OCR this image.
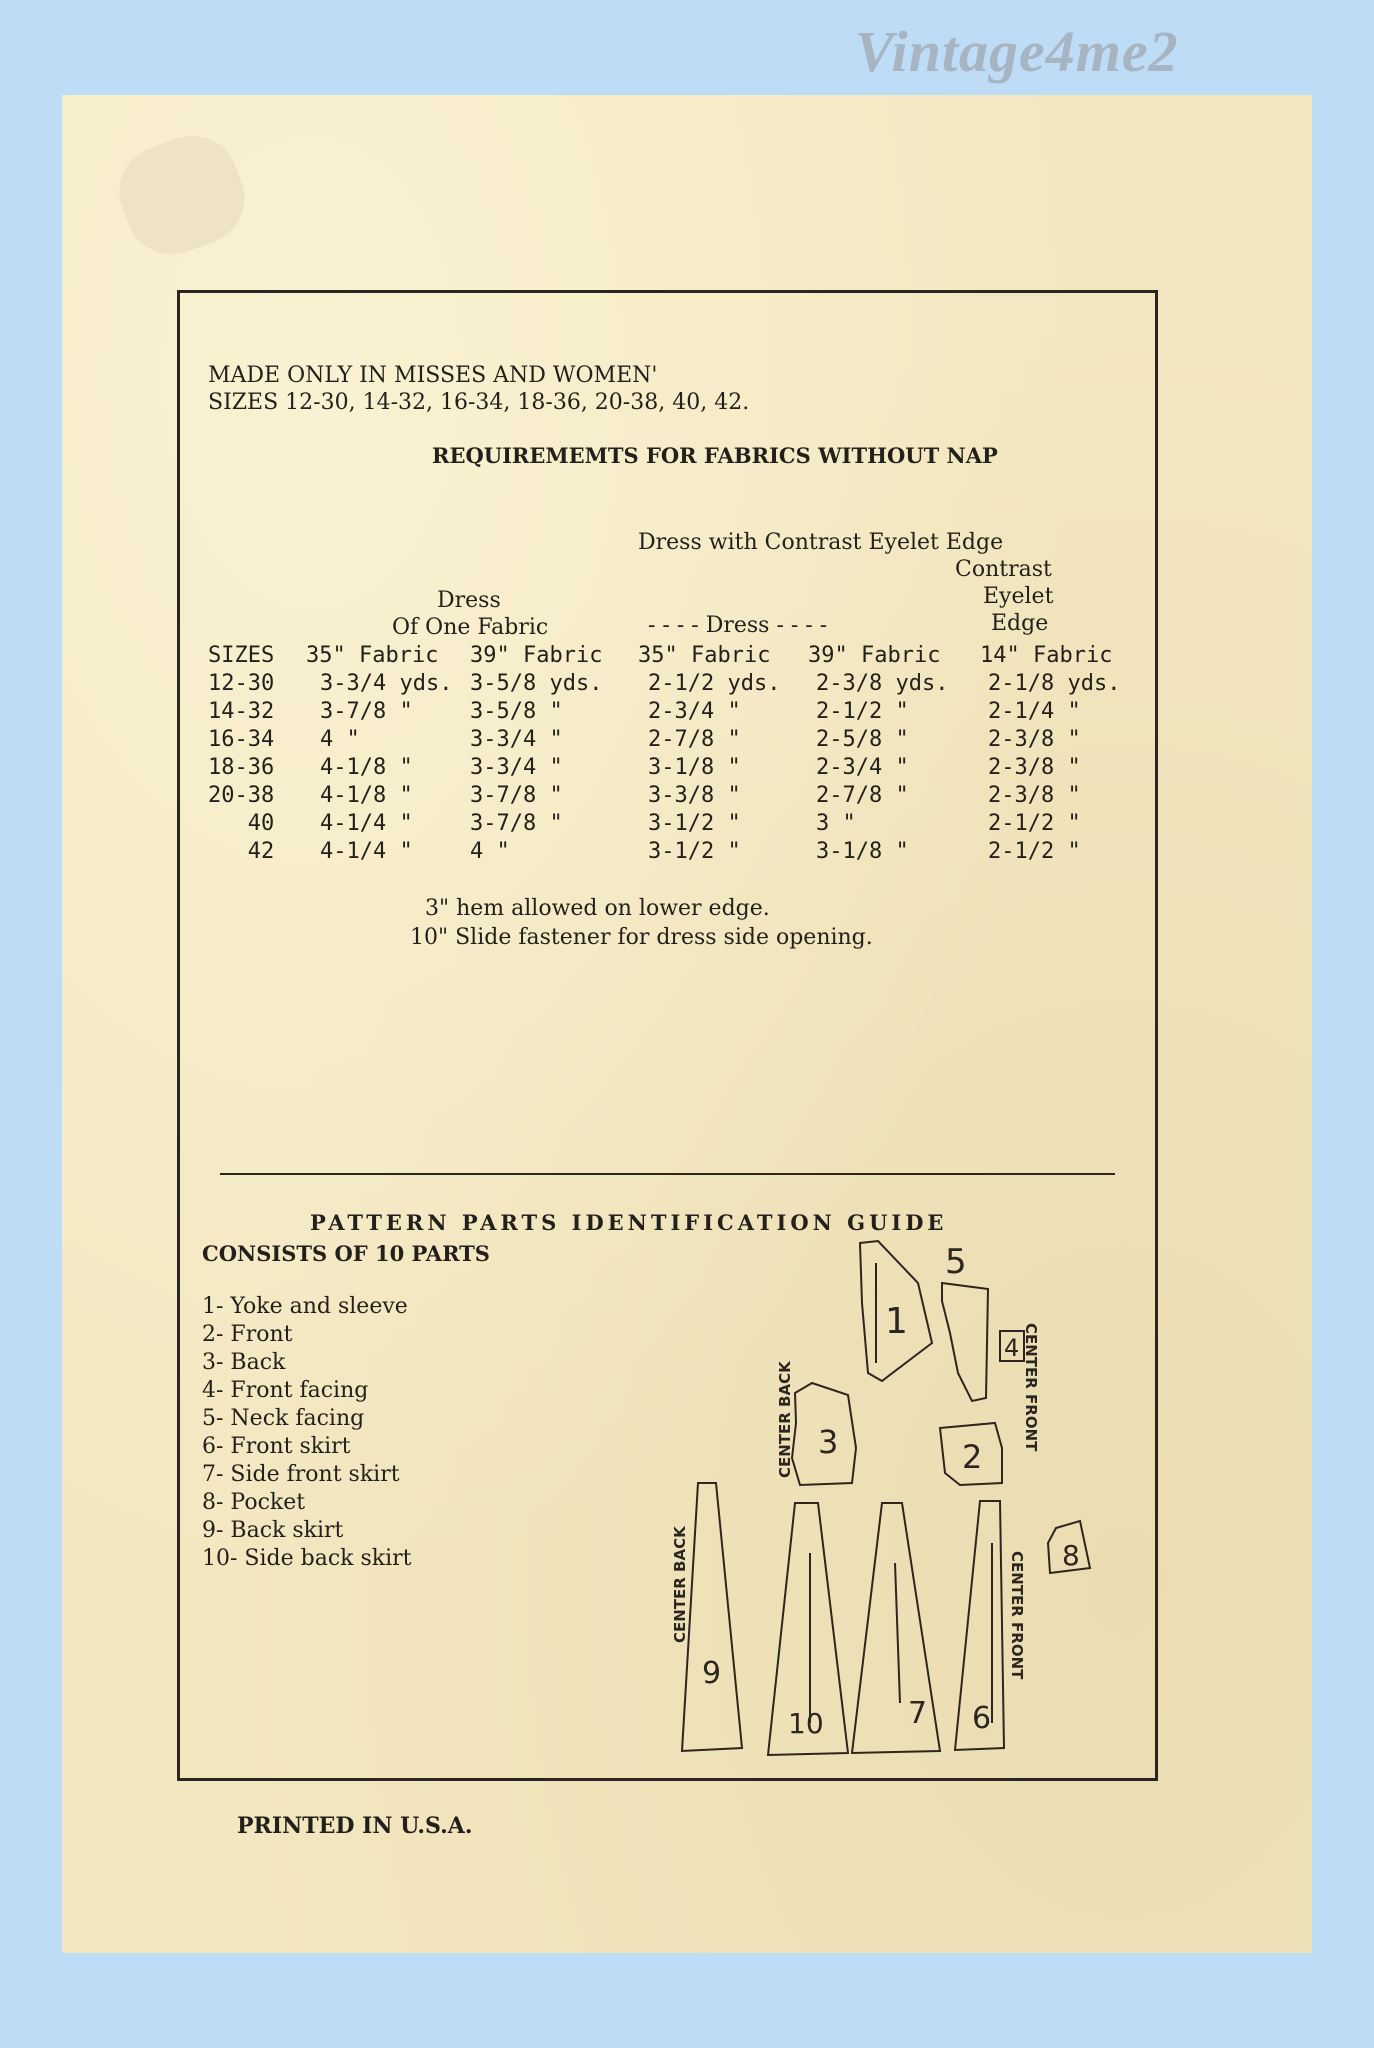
Vintage4me2
MADE ONLY IN MISSES AND WOMEN'
SIZES 12-30, 14-32, 16-34, 18-36, 20-38, 40, 42.
REQUIREMEMTS FOR FABRICS WITHOUT NAP
Dress with Contrast Eyelet Edge
Contrast
Eyelet
Edge
Dress
Of One Fabric	- - - - Dress - - - -
SIZES 35" Fabric 39" Fabric 35" Fabric 39" Fabric 14" Fabric
12-30 3-3/4 yds. 3-5/8 yds. 2-1/2 yds. 2-3/8 yds. 2-1/8 yds.
14-32 3-7/8 "	3-5/8 "	2-3/4 "	2-1/2 "	2-1/4 "
16-34 4 "	3-3/4 "	2-7/8 "	2-5/8 "	2-3/8 "
18-36 4-1/8 "	3-3/4 "	3-1/8 "	2-3/4 "	2-3/8 "
20-38 4-1/8 "	3-7/8 "	3-3/8 "	2-7/8 "	2-3/8 "
40 4-1/4 "	3-7/8 "	3-1/2 "	3 "	2-1/2 "
42 4-1/4 "	4 "	3-1/2 "	3-1/8 "	2-1/2 "
3" hem allowed on lower edge.
10" Slide fastener for dress side opening.
PATTERN PARTS IDENTIFICATION GUIDE
CONSISTS OF 10 PARTS
1- Yoke and sleeve
2- Front
3- Back
4- Front facing
5- Neck facing
6- Front skirt
7- Side front skirt
8- Pocket
9- Back skirt
10- Side back skirt
1
5
4
3	2
8
9
10	7 6
CENTER BACK	CENTER FRONT
CENTER BACK	CENTER FRONT
PRINTED IN U.S.A.
